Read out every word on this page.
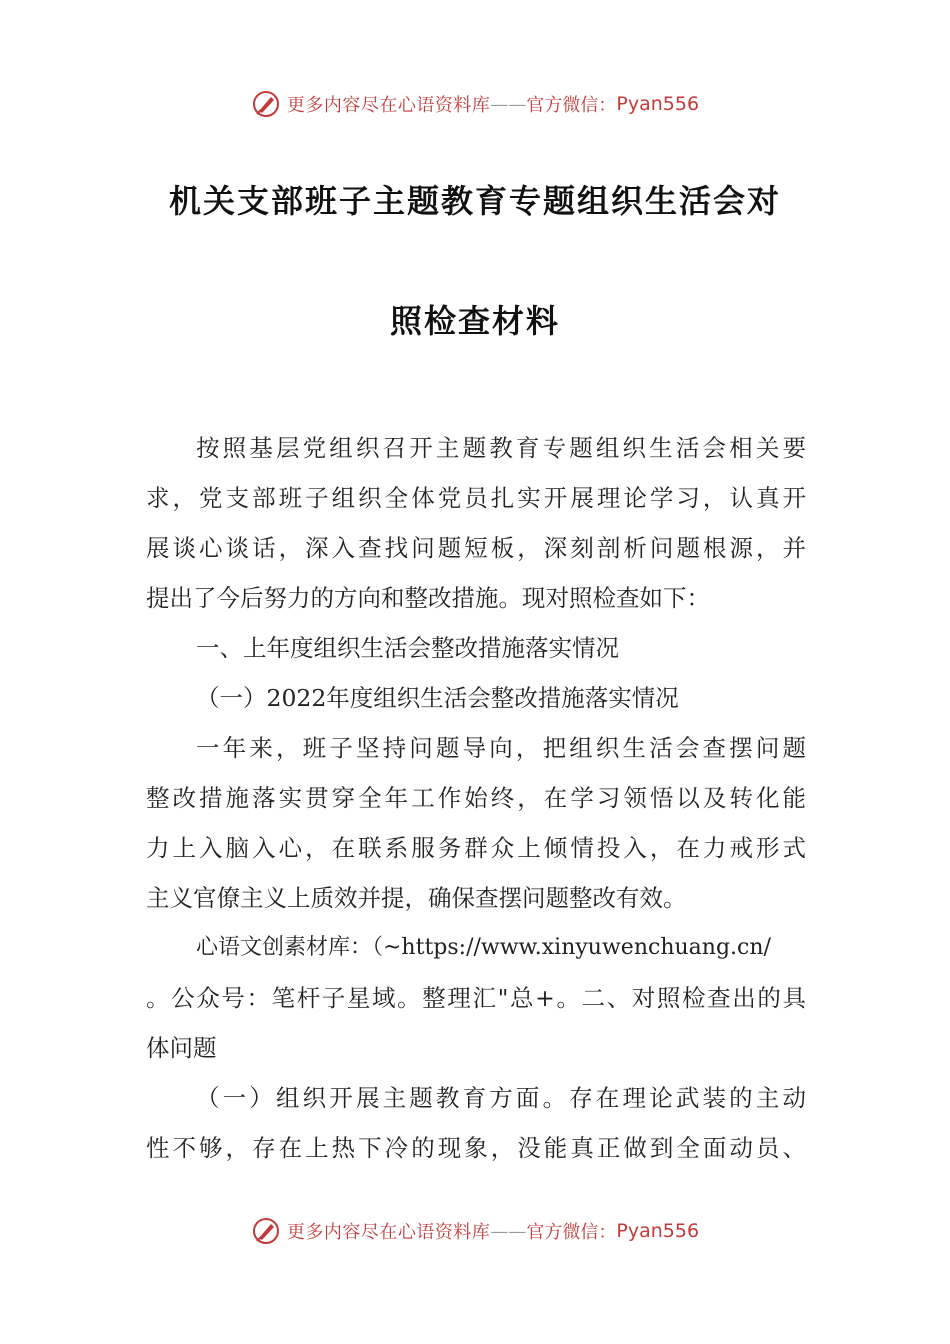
更多内容尽在心语资料库 —— 官方微信： Pyan556
机关支部班子主题教育专题组织生活会对
照检查材料
按照基层党组织召开主题教育专题组织生活会相关要
求，党支部班子组织全体党员扎实开展理论学习，认真开
展谈心谈话，深入查找问题短板，深刻剖析问题根源，并
提出了今后努力的方向和整改措施。现对照检查如下：
一、上年度组织生活会整改措施落实情况
（一）2022年度组织生活会整改措施落实情况
一年来，班子坚持问题导向，把组织生活会查摆问题
整改措施落实贯穿全年工作始终，在学习领悟以及转化能
力上入脑入心，在联系服务群众上倾情投入，在力戒形式
主义官僚主义上质效并提，确保查摆问题整改有效。
心语文创素材库：（~https://www.xinyuwenchuang.cn/
。公众号：笔杆子星域。整理汇"总+。二、对照检查出的具
体问题
（一）组织开展主题教育方面。存在理论武装的主动
性不够，存在上热下冷的现象，没能真正做到全面动员、
更多内容尽在心语资料库 —— 官方微信： Pyan556
